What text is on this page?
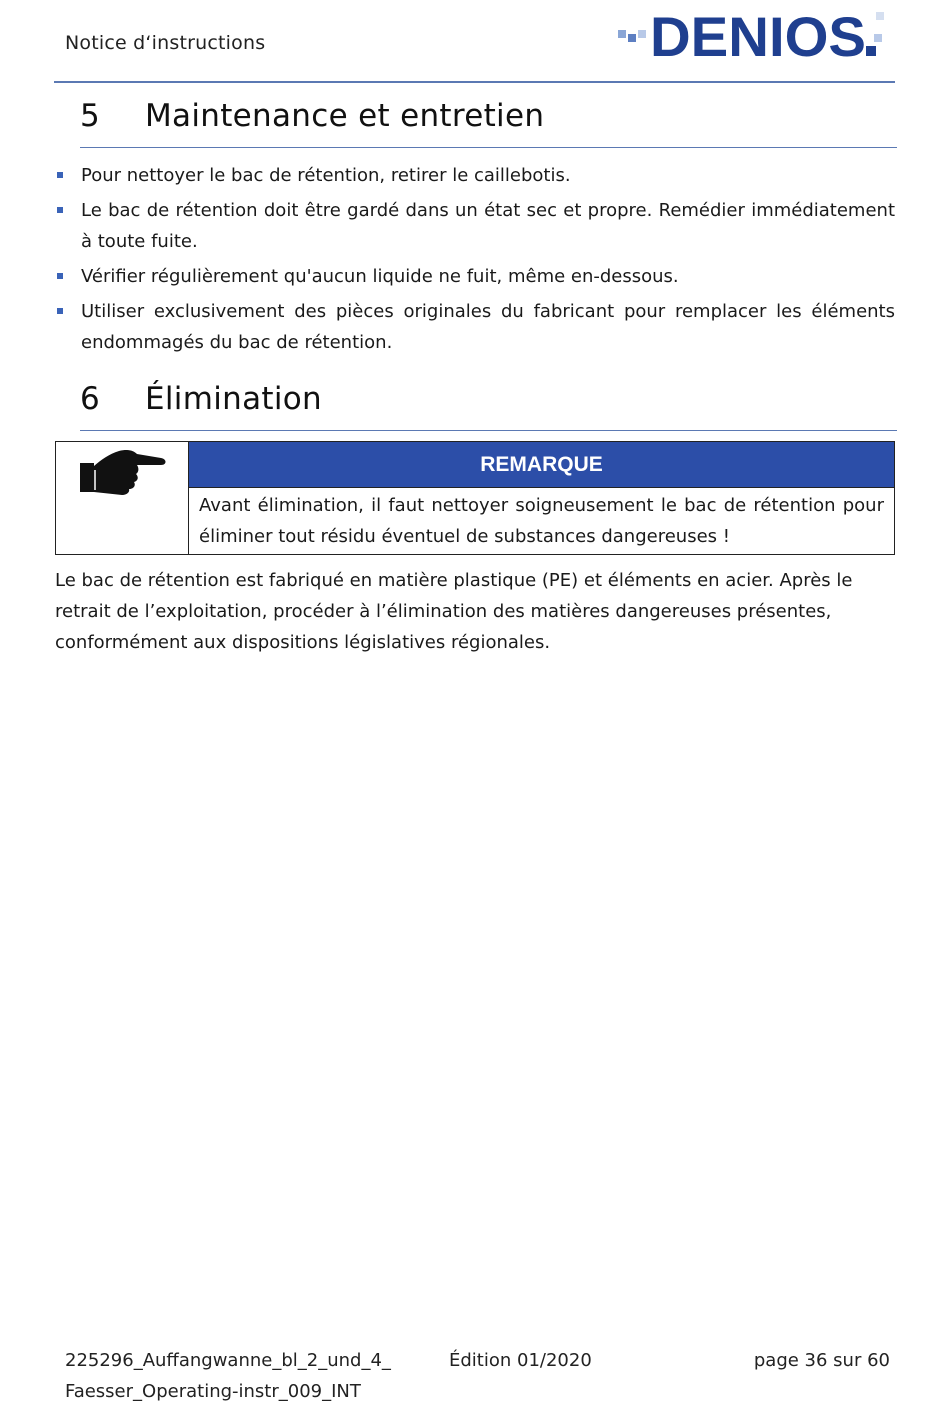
Notice d‘instructions	DENIOS
5	Maintenance et entretien
Pour nettoyer le bac de rétention, retirer le caillebotis.
Le bac de rétention doit être gardé dans un état sec et propre. Remédier immédiatement à toute fuite.
Vérifier régulièrement qu'aucun liquide ne fuit, même en-dessous.
Utiliser exclusivement des pièces originales du fabricant pour remplacer les éléments endommagés du bac de rétention.
6	Élimination
REMARQUE
Avant élimination, il faut nettoyer soigneusement le bac de rétention pour éliminer tout résidu éventuel de substances dangereuses !
Le bac de rétention est fabriqué en matière plastique (PE) et éléments en acier. Après le retrait de l’exploitation, procéder à l’élimination des matières dangereuses présentes, conformément aux dispositions législatives régionales.
225296_Auffangwanne_bl_2_und_4_ Faesser_Operating-instr_009_INT
Édition 01/2020	page 36 sur 60
